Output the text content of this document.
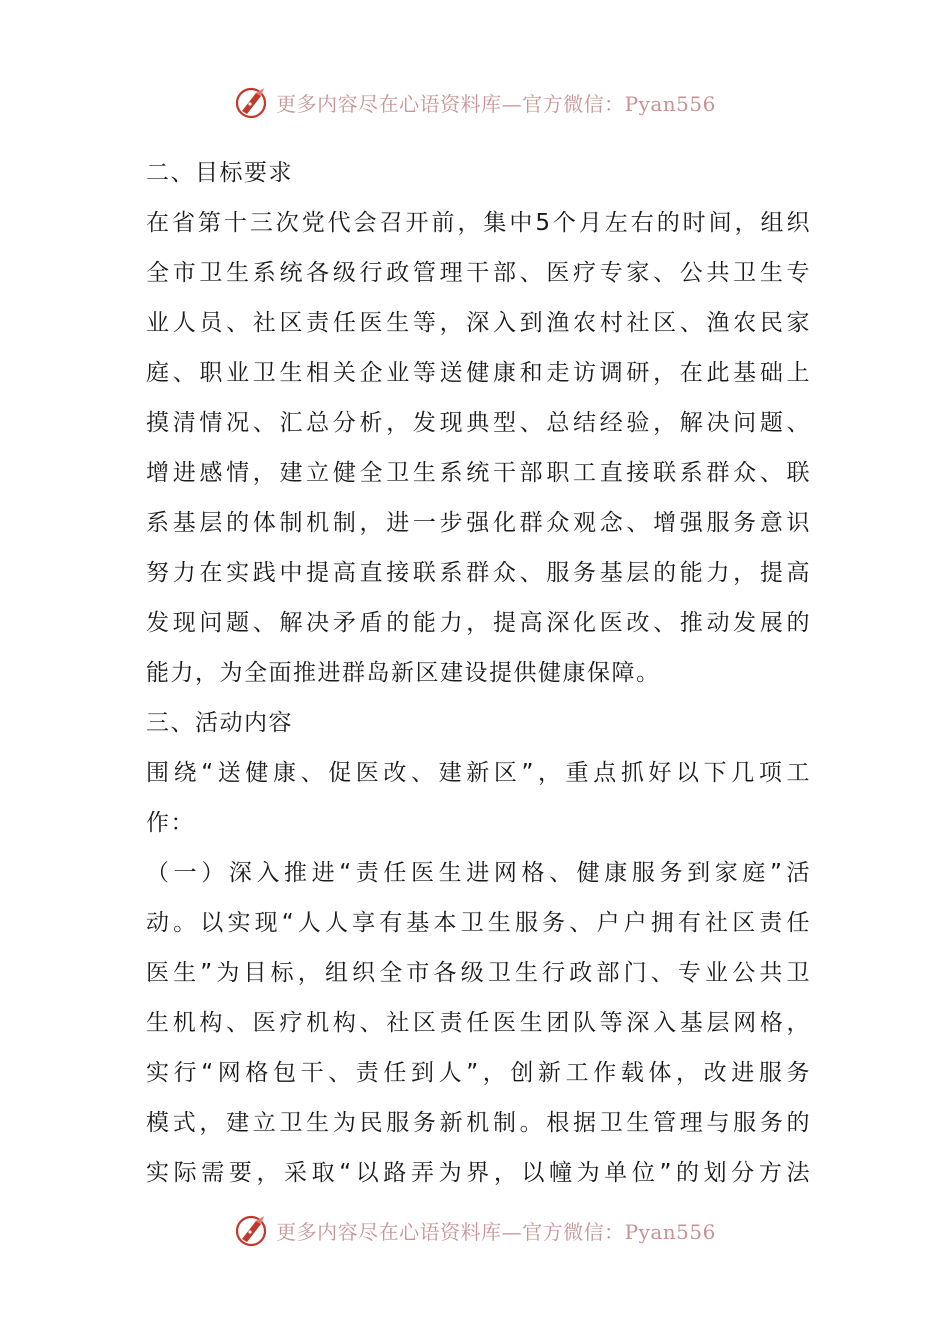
更多内容尽在心语资料库—官方微信：Pyan556
二、目标要求
在省第十三次党代会召开前，集中5个月左右的时间，组织
全市卫生系统各级行政管理干部、医疗专家、公共卫生专
业人员、社区责任医生等，深入到渔农村社区、渔农民家
庭、职业卫生相关企业等送健康和走访调研，在此基础上
摸清情况、汇总分析，发现典型、总结经验，解决问题、
增进感情，建立健全卫生系统干部职工直接联系群众、联
系基层的体制机制，进一步强化群众观念、增强服务意识
努力在实践中提高直接联系群众、服务基层的能力，提高
发现问题、解决矛盾的能力，提高深化医改、推动发展的
能力，为全面推进群岛新区建设提供健康保障。
三、活动内容
围绕“送健康、促医改、建新区”，重点抓好以下几项工
作：
（一）深入推进“责任医生进网格、健康服务到家庭”活
动。以实现“人人享有基本卫生服务、户户拥有社区责任
医生”为目标，组织全市各级卫生行政部门、专业公共卫
生机构、医疗机构、社区责任医生团队等深入基层网格，
实行“网格包干、责任到人”，创新工作载体，改进服务
模式，建立卫生为民服务新机制。根据卫生管理与服务的
实际需要，采取“以路弄为界，以幢为单位”的划分方法
更多内容尽在心语资料库—官方微信：Pyan556
